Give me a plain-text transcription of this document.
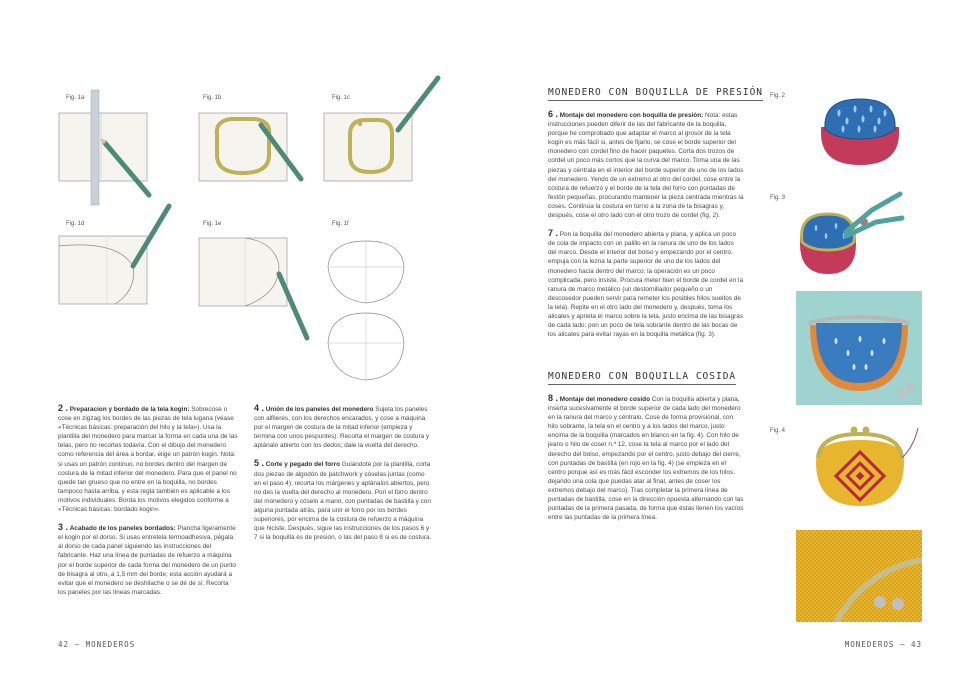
Fig. 1a	Fig. 1b	Fig. 1c
Fig. 1d	Fig. 1e	Fig. 1f

2 . Preparacion y bordado de la tela kogin: Sobrecose o cose en zigzag los bordes de las piezas de tela lugana (véase «Técnicas básicas: preparación del hilo y la tela»). Usa la plantilla del monedero para marcar la forma en cada una de las telas, pero no recortes todavía. Con el dibujo del monedero como referencia del área a bordar, elige un patrón kogin. Nota: si usas un patrón continuo, no bordes dentro del margen de costura de la mitad inferior del monedero. Para que el panel no quede tan grueso que no entre en la boquilla, no bordes tampoco hasta arriba, y esta regla también es aplicable a los motivos individuales. Borda los motivos elegidos conforme a «Técnicas básicas: bordado kogin».

3 . Acabado de los paneles bordados: Plancha ligeramente el kogin por el dorso. Si usas entretela termoadhesiva, pégala al dorso de cada panel siguiendo las instrucciones del fabricante. Haz una línea de puntadas de refuerzo a máquina por el borde superior de cada forma del monedero de un punto de bisagra al otro, a 1,5 mm del borde; esta acción ayudará a evitar que el monedero se deshilache o se dé de sí. Recorta los paneles por las líneas marcadas.

4 . Unión de los paneles del monedero Sujeta los paneles con alfileres, con los derechos encarados, y cose a máquina por el margen de costura de la mitad inferior (empieza y termina con unos pespuntes). Recorta el margen de costura y aplánalo abierto con los dedos; dale la vuelta del derecho.

5 . Corte y pegado del forro Guiándote por la plantilla, corta dos piezas de algodón de patchwork y cóselas juntas (como en el paso 4); recorta los márgenes y aplánalos abiertos, pero no des la vuelta del derecho al monedero. Pon el forro dentro del monedero y cóselo a mano, con puntadas de bastilla y con alguna puntada atrás, para unir el forro por los bordes superiores, por encima de la costura de refuerzo a máquina que hiciste. Después, sigue las instrucciones de los pasos 6 y 7 si la boquilla es de presión, o las del paso 8 si es de costura.

42 — MONEDEROS
MONEDERO CON BOQUILLA DE PRESIÓN

6 . Montaje del monedero con boquilla de presión: Nota: estas instrucciones pueden diferir de las del fabricante de la boquilla, porque he comprobado que adaptar el marco al grosor de la tela kogin es más fácil si, antes de fijarlo, se cose el borde superior del monedero con cordel fino de hacer paquetes. Corta dos trozos de cordel un poco más cortos que la curva del marco. Toma una de las piezas y céntrala en el interior del borde superior de uno de los lados del monedero. Yendo de un extremo al otro del cordel, cose entre la costura de refuerzo y el borde de la tela del forro con puntadas de festón pequeñas, procurando mantener la pieza centrada mientras la coses. Continúa la costura en torno a la zona de la bisagras y, después, cose el otro lado con el otro trozo de cordel (fig. 2).

7 . Pon la boquilla del monedero abierta y plana, y aplica un poco de cola de impacto con un palillo en la ranura de uno de los lados del marco. Desde el interior del bolso y empezando por el centro, empuja con la lezna la parte superior de uno de los lados del monedero hacia dentro del marco; la operación es un poco complicada, pero insiste. Procura meter bien el borde de cordel en la ranura de marco metálico (un destornillador pequeño o un descosedor pueden servir para remeter los posibles hilos sueltos de la tela). Repite en el otro lado del monedero y, después, toma los alicates y aprieta el marco sobre la tela, justo encima de las bisagras de cada lado; pon un poco de tela sobrante dentro de las bocas de los alicates para evitar rayas en la boquilla metálica (fig. 3).

MONEDERO CON BOQUILLA COSIDA

8 . Montaje del monedero cosido Con la boquilla abierta y plana, inserta sucesivamente el borde superior de cada lado del monedero en la ranura del marco y céntralo. Cose de forma provisional, con hilo sobrante, la tela en el centro y a los lados del marco, justo encima de la boquilla (marcados en blanco en la fig. 4). Con hilo de jeans o hilo de coser n.º 12, cose la tela al marco por el lado del derecho del bolso, empezando por el centro, justo debajo del cierre, con puntadas de bastilla (en rojo en la fig. 4) (se empieza en el centro porque así es más fácil esconder los extremos de los hilos, dejando una cola que puedas atar al final, antes de coser los extremos debajo del marco). Tras completar la primera línea de puntadas de bastilla, cose en la dirección opuesta alternando con las puntadas de la primera pasada, de forma que éstas llenen los vacíos entre las puntadas de la primera línea.

Fig. 2
Fig. 3
Fig. 4
MONEDEROS — 43
